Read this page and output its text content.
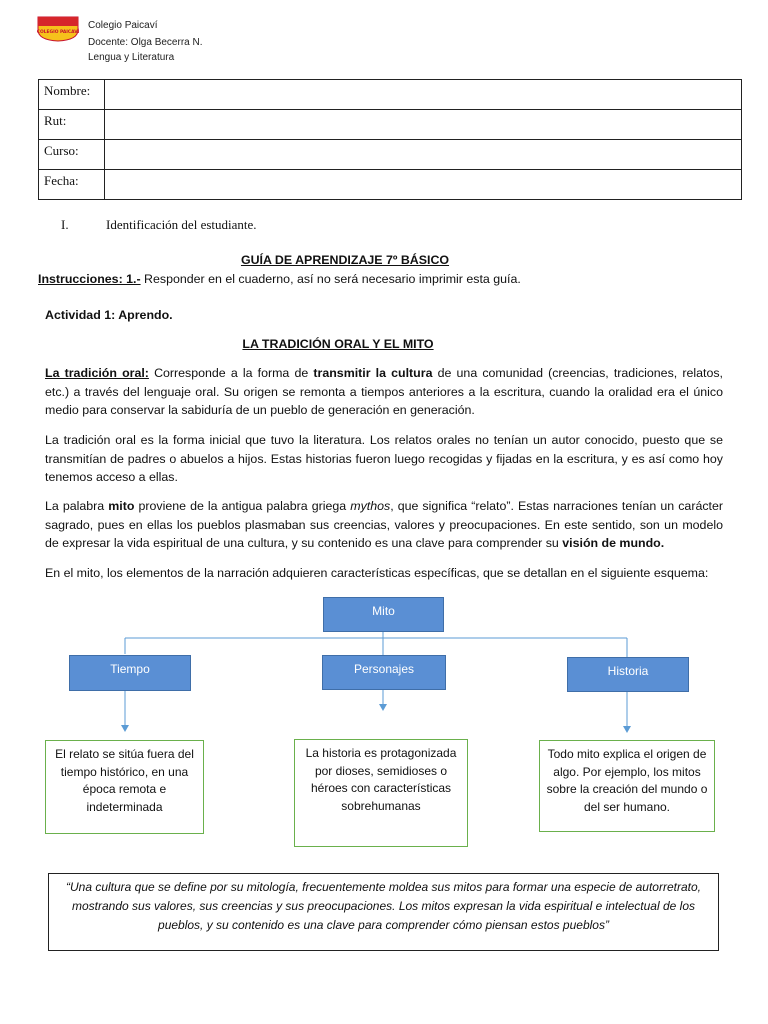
COLEGIO PAICAVÍ
Colegio Paicaví
Docente: Olga Becerra N.
Lengua y Literatura
Nombre:	
Rut:	
Curso:	
Fecha:	
I.	Identificación del estudiante.
GUÍA DE APRENDIZAJE 7º BÁSICO
Instrucciones: 1.- Responder en el cuaderno, así no será necesario imprimir esta guía.
Actividad 1: Aprendo.
LA TRADICIÓN ORAL Y EL MITO
La tradición oral: Corresponde a la forma de transmitir la cultura de una comunidad (creencias, tradiciones, relatos, etc.) a través del lenguaje oral. Su origen se remonta a tiempos anteriores a la escritura, cuando la oralidad era el único medio para conservar la sabiduría de un pueblo de generación en generación.
La tradición oral es la forma inicial que tuvo la literatura. Los relatos orales no tenían un autor conocido, puesto que se transmitían de padres o abuelos a hijos. Estas historias fueron luego recogidas y fijadas en la escritura, y es así como hoy tenemos acceso a ellas.
La palabra mito proviene de la antigua palabra griega mythos, que significa “relato”. Estas narraciones tenían un carácter sagrado, pues en ellas los pueblos plasmaban sus creencias, valores y preocupaciones. En este sentido, son un modelo de expresar la vida espiritual de una cultura, y su contenido es una clave para comprender su visión de mundo.
En el mito, los elementos de la narración adquieren características específicas, que se detallan en el siguiente esquema:
Mito
Tiempo	Personajes	Historia
El relato se sitúa fuera del tiempo histórico, en una época remota e indeterminada
La historia es protagonizada por dioses, semidioses o héroes con características sobrehumanas
Todo mito explica el origen de algo. Por ejemplo, los mitos sobre la creación del mundo o del ser humano.
“Una cultura que se define por su mitología, frecuentemente moldea sus mitos para formar una especie de autorretrato, mostrando sus valores, sus creencias y sus preocupaciones. Los mitos expresan la vida espiritual e intelectual de los pueblos, y su contenido es una clave para comprender cómo piensan estos pueblos”
